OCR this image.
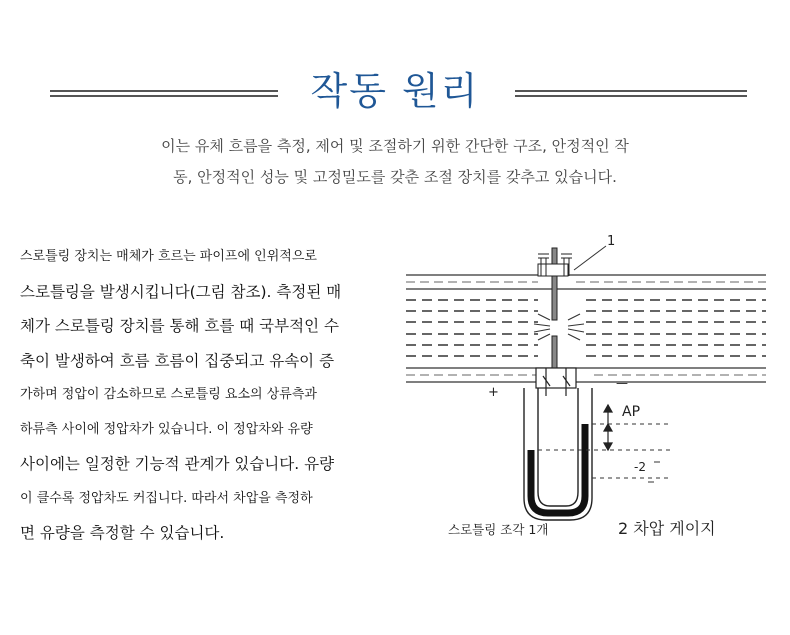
작동 원리
이는 유체 흐름을 측정, 제어 및 조절하기 위한 간단한 구조, 안정적인 작
동, 안정적인 성능 및 고정밀도를 갖춘 조절 장치를 갖추고 있습니다.
스로틀링 장치는 매체가 흐르는 파이프에 인위적으로
스로틀링을 발생시킵니다(그림 참조). 측정된 매
체가 스로틀링 장치를 통해 흐를 때 국부적인 수
축이 발생하여 흐름 흐름이 집중되고 유속이 증
가하며 정압이 감소하므로 스로틀링 요소의 상류측과
하류측 사이에 정압차가 있습니다. 이 정압차와 유량
사이에는 일정한 기능적 관계가 있습니다. 유량
이 클수록 정압차도 커집니다. 따라서 차압을 측정하
면 유량을 측정할 수 있습니다.
1
AP
-2
+
—
스로틀링 조각 1개	2 차압 게이지
